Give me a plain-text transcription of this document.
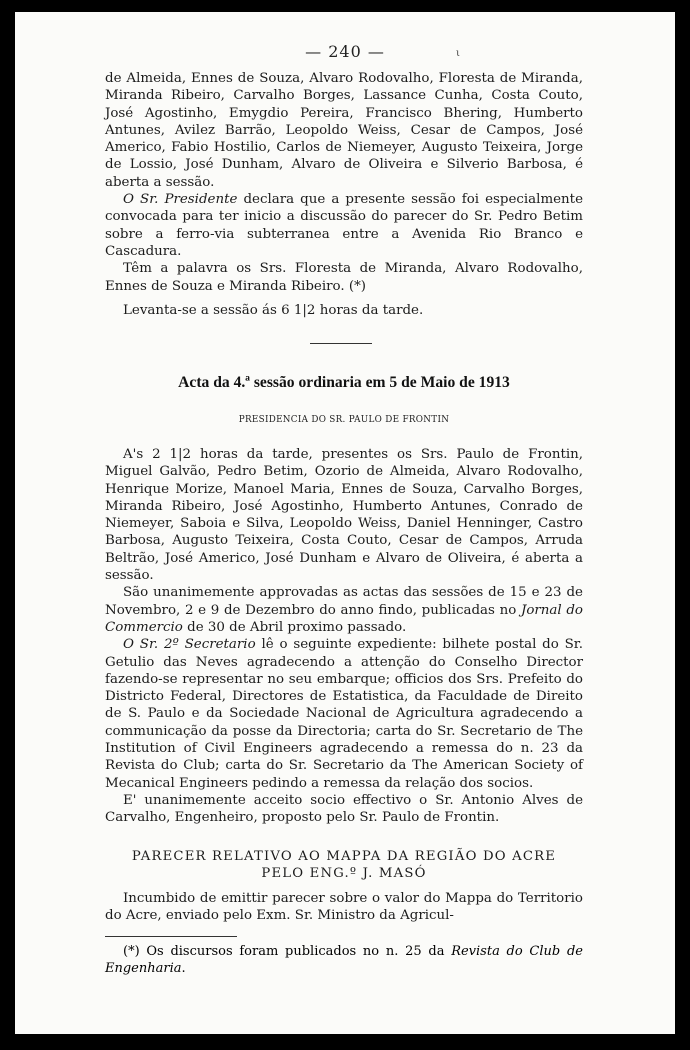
— 240 —	ι

de Almeida, Ennes de Souza, Alvaro Rodovalho, Floresta de Miranda, Miranda Ribeiro, Carvalho Borges, Lassance Cunha, Costa Couto, José Agostinho, Emygdio Pereira, Francisco Bhering, Humberto Antunes, Avilez Barrão, Leopoldo Weiss, Cesar de Campos, José Americo, Fabio Hostilio, Carlos de Niemeyer, Augusto Teixeira, Jorge de Lossio, José Dunham, Alvaro de Oliveira e Silverio Barbosa, é aberta a sessão.

O Sr. Presidente declara que a presente sessão foi especialmente convocada para ter inicio a discussão do parecer do Sr. Pedro Betim sobre a ferro-via subterranea entre a Avenida Rio Branco e Cascadura.

Têm a palavra os Srs. Floresta de Miranda, Alvaro Rodovalho, Ennes de Souza e Miranda Ribeiro. (*)

Levanta-se a sessão ás 6 1|2 horas da tarde.

Acta da 4.ª sessão ordinaria em 5 de Maio de 1913
PRESIDENCIA DO SR. PAULO DE FRONTIN

A's 2 1|2 horas da tarde, presentes os Srs. Paulo de Frontin, Miguel Galvão, Pedro Betim, Ozorio de Almeida, Alvaro Rodovalho, Henrique Morize, Manoel Maria, Ennes de Souza, Carvalho Borges, Miranda Ribeiro, José Agostinho, Humberto Antunes, Conrado de Niemeyer, Saboia e Silva, Leopoldo Weiss, Daniel Henninger, Castro Barbosa, Augusto Teixeira, Costa Couto, Cesar de Campos, Arruda Beltrão, José Americo, José Dunham e Alvaro de Oliveira, é aberta a sessão.

São unanimemente approvadas as actas das sessões de 15 e 23 de Novembro, 2 e 9 de Dezembro do anno findo, publicadas no Jornal do Commercio de 30 de Abril proximo passado.

O Sr. 2º Secretario lê o seguinte expediente: bilhete postal do Sr. Getulio das Neves agradecendo a attenção do Conselho Director fazendo-se representar no seu embarque; officios dos Srs. Prefeito do Districto Federal, Directores de Estatistica, da Faculdade de Direito de S. Paulo e da Sociedade Nacional de Agricultura agradecendo a communicação da posse da Directoria; carta do Sr. Secretario de The Institution of Civil Engineers agradecendo a remessa do n. 23 da Revista do Club; carta do Sr. Secretario da The American Society of Mecanical Engineers pedindo a remessa da relação dos socios.

E' unanimemente acceito socio effectivo o Sr. Antonio Alves de Carvalho, Engenheiro, proposto pelo Sr. Paulo de Frontin.

PARECER RELATIVO AO MAPPA DA REGIÃO DO ACRE
PELO ENG.º J. MASÓ

Incumbido de emittir parecer sobre o valor do Mappa do Territorio do Acre, enviado pelo Exm. Sr. Ministro da Agricul-

(*) Os discursos foram publicados no n. 25 da Revista do Club de Engenharia.
